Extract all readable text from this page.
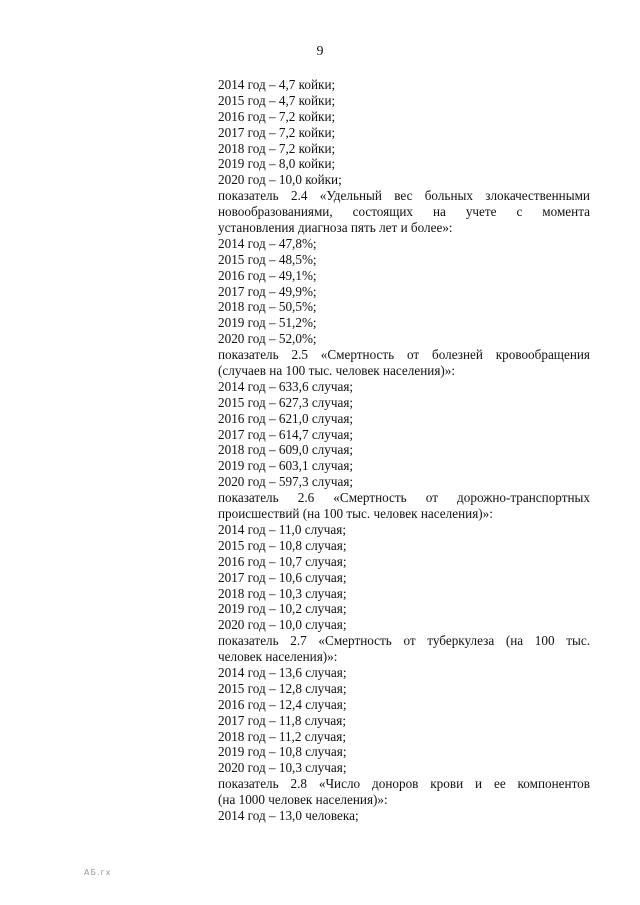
9
2014 год – 4,7 койки;
2015 год – 4,7 койки;
2016 год – 7,2 койки;
2017 год – 7,2 койки;
2018 год – 7,2 койки;
2019 год – 8,0 койки;
2020 год – 10,0 койки;
показатель 2.4 «Удельный вес больных злокачественными
новообразованиями, состоящих на учете с момента
установления диагноза пять лет и более»:
2014 год – 47,8%;
2015 год – 48,5%;
2016 год – 49,1%;
2017 год – 49,9%;
2018 год – 50,5%;
2019 год – 51,2%;
2020 год – 52,0%;
показатель 2.5 «Смертность от болезней кровообращения
(случаев на 100 тыс. человек населения)»:
2014 год – 633,6 случая;
2015 год – 627,3 случая;
2016 год – 621,0 случая;
2017 год – 614,7 случая;
2018 год – 609,0 случая;
2019 год – 603,1 случая;
2020 год – 597,3 случая;
показатель 2.6 «Смертность от дорожно-транспортных
происшествий (на 100 тыс. человек населения)»:
2014 год – 11,0 случая;
2015 год – 10,8 случая;
2016 год – 10,7 случая;
2017 год – 10,6 случая;
2018 год – 10,3 случая;
2019 год – 10,2 случая;
2020 год – 10,0 случая;
показатель 2.7 «Смертность от туберкулеза (на 100 тыс.
человек населения)»:
2014 год – 13,6 случая;
2015 год – 12,8 случая;
2016 год – 12,4 случая;
2017 год – 11,8 случая;
2018 год – 11,2 случая;
2019 год – 10,8 случая;
2020 год – 10,3 случая;
показатель 2.8 «Число доноров крови и ее компонентов
(на 1000 человек населения)»:
2014 год – 13,0 человека;
АБ.гх
